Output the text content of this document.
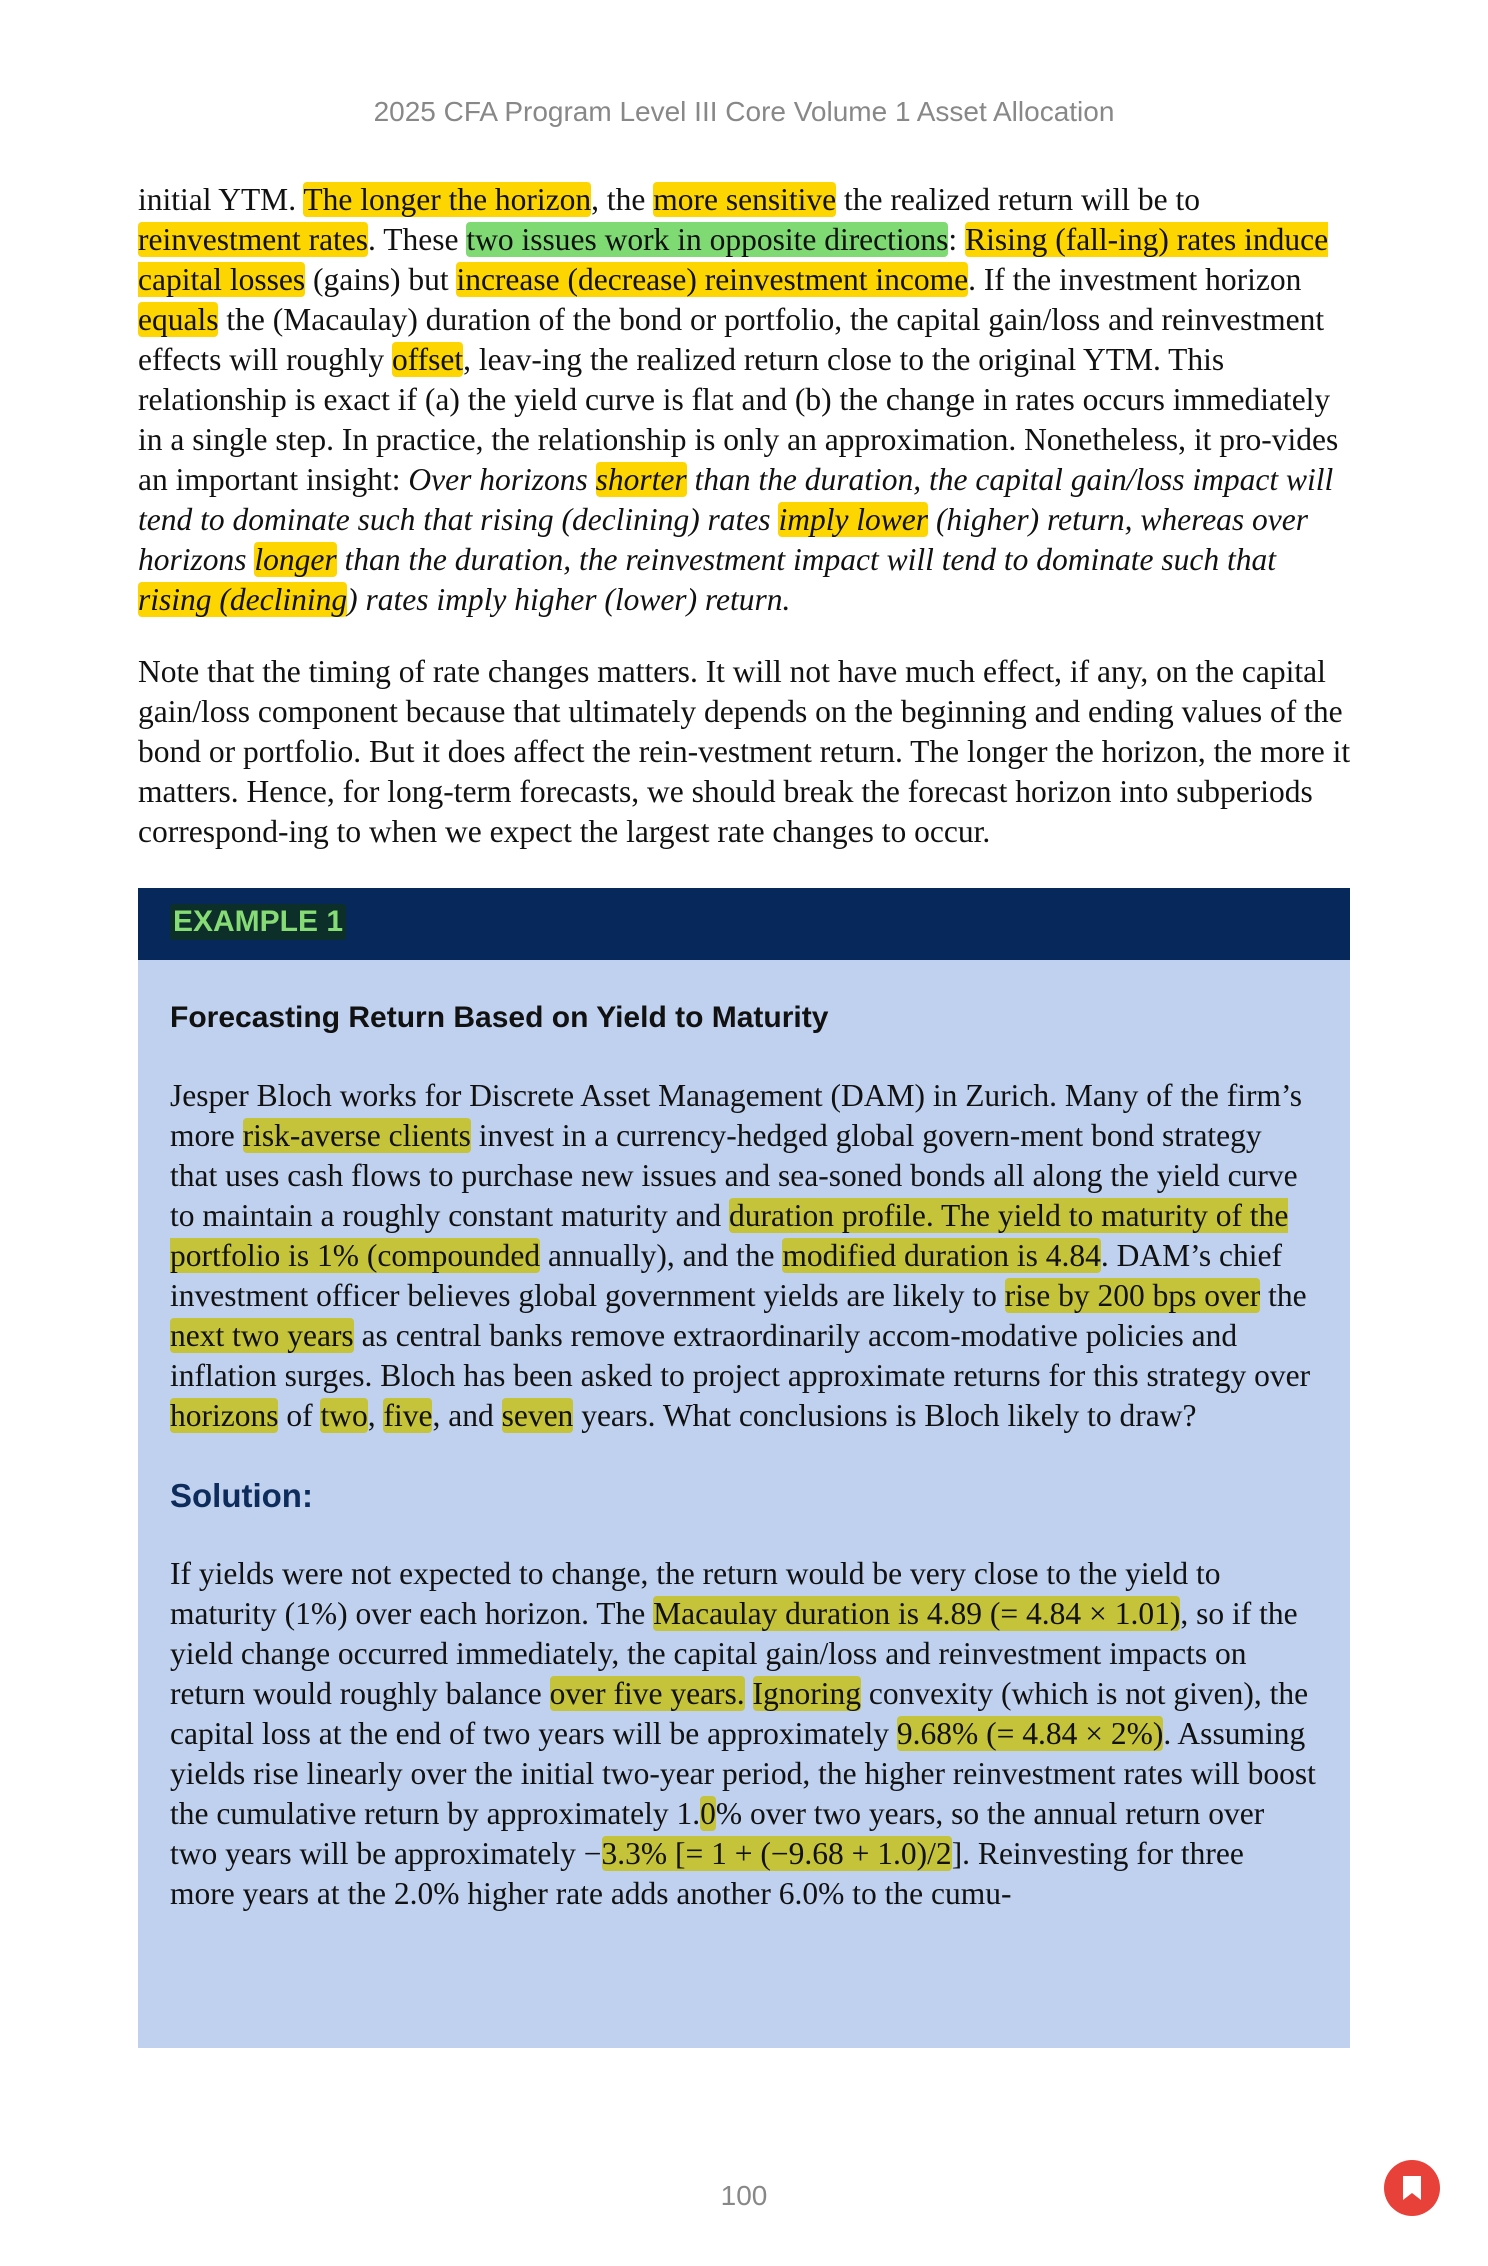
2025 CFA Program Level III Core Volume 1 Asset Allocation

initial YTM. The longer the horizon, the more sensitive the realized return will be to reinvestment rates. These two issues work in opposite directions: Rising (fall-ing) rates induce capital losses (gains) but increase (decrease) reinvestment income. If the investment horizon equals the (Macaulay) duration of the bond or portfolio, the capital gain/loss and reinvestment effects will roughly offset, leav-ing the realized return close to the original YTM. This relationship is exact if (a) the yield curve is flat and (b) the change in rates occurs immediately in a single step. In practice, the relationship is only an approximation. Nonetheless, it pro-vides an important insight: Over horizons shorter than the duration, the capital gain/loss impact will tend to dominate such that rising (declining) rates imply lower (higher) return, whereas over horizons longer than the duration, the reinvestment impact will tend to dominate such that rising (declining) rates imply higher (lower) return.

Note that the timing of rate changes matters. It will not have much effect, if any, on the capital gain/loss component because that ultimately depends on the beginning and ending values of the bond or portfolio. But it does affect the rein-vestment return. The longer the horizon, the more it matters. Hence, for long-term forecasts, we should break the forecast horizon into subperiods correspond-ing to when we expect the largest rate changes to occur.

EXAMPLE 1
Forecasting Return Based on Yield to Maturity

Jesper Bloch works for Discrete Asset Management (DAM) in Zurich. Many of the firm’s more risk-averse clients invest in a currency-hedged global govern-ment bond strategy that uses cash flows to purchase new issues and sea-soned bonds all along the yield curve to maintain a roughly constant maturity and duration profile. The yield to maturity of the portfolio is 1% (compounded annually), and the modified duration is 4.84. DAM’s chief investment officer believes global government yields are likely to rise by 200 bps over the next two years as central banks remove extraordinarily accom-modative policies and inflation surges. Bloch has been asked to project approximate returns for this strategy over horizons of two, five, and seven years. What conclusions is Bloch likely to draw?

Solution:

If yields were not expected to change, the return would be very close to the yield to maturity (1%) over each horizon. The Macaulay duration is 4.89 (= 4.84 × 1.01), so if the yield change occurred immediately, the capital gain/loss and reinvestment impacts on return would roughly balance over five years. Ignoring convexity (which is not given), the capital loss at the end of two years will be approximately 9.68% (= 4.84 × 2%). Assuming yields rise linearly over the initial two-year period, the higher reinvestment rates will boost the cumulative return by approximately 1.0% over two years, so the annual return over two years will be approximately −3.3% [= 1 + (−9.68 + 1.0)/2]. Reinvesting for three more years at the 2.0% higher rate adds another 6.0% to the cumu-

100
